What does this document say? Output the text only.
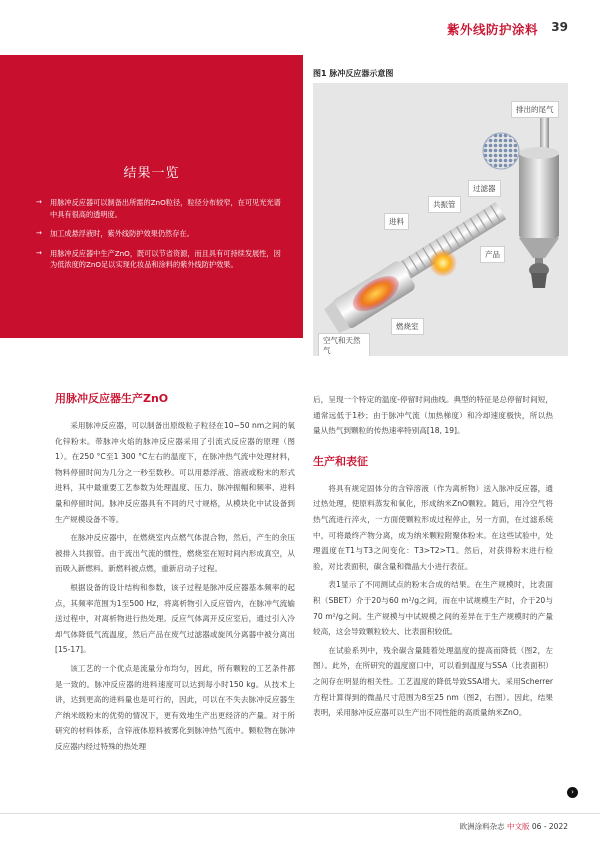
紫外线防护涂料 39
结果一览
→	用脉冲反应器可以制备出所需的ZnO粒径，粒径分布较窄，在可见光光谱中具有很高的透明度。
→	加工成悬浮液时，紫外线防护效果仍然存在。
→	用脉冲反应器中生产ZnO，既可以节省资源，而且具有可持续发展性，因为低浓度的ZnO足以实现化妆品和涂料的紫外线防护效果。
图1 脉冲反应器示意图
排出的尾气
过滤器
共振管
进料
产品
燃烧室
空气和天然气
用脉冲反应器生产ZnO

采用脉冲反应器，可以制备出原级粒子粒径在10~50 nm之间的氧化锌粉末。带脉冲火焰的脉冲反应器采用了引流式反应器的原理（图1）。在250 °C至1 300 °C左右的温度下，在脉冲热气流中处理材料，物料停留时间为几分之一秒至数秒。可以用悬浮液、溶液或粉末的形式进料，其中最重要工艺参数为处理温度、压力、脉冲振幅和频率、进料量和停留时间。脉冲反应器具有不同的尺寸规格，从模块化中试设备到生产规模设备不等。

在脉冲反应器中，在燃烧室内点燃气体混合物，然后，产生的余压被排入共振管。由于流出气流的惯性，燃烧室在短时间内形成真空，从而吸入新燃料。新燃料被点燃，重新启动子过程。

根据设备的设计结构和参数，该子过程是脉冲反应器基本频率的起点，其频率范围为1至500 Hz，将离析物引入反应管内，在脉冲气流输送过程中，对离析物进行热处理。反应气体离开反应室后，通过引入冷却气体降低气流温度，然后产品在废气过滤器或旋风分离器中被分离出[15-17]。

该工艺的一个优点是流量分布均匀，因此，所有颗粒的工艺条件都是一致的。脉冲反应器的进料速度可以达到每小时150 kg。从技术上讲，达到更高的进料量也是可行的，因此，可以在不失去脉冲反应器生产纳米级粉末的优势的情况下，更有效地生产出更经济的产量。对于所研究的材料体系，含锌液体原料被雾化到脉冲热气流中。颗粒物在脉冲反应器内经过特殊的热处理

后，呈现一个特定的温度-停留时间曲线。典型的特征是总停留时间短，通常远低于1秒；由于脉冲气流（加热梯度）和冷却速度极快，所以热量从热气到颗粒的传热速率特别高[18, 19]。

生产和表征

将具有规定固体分的含锌溶液（作为离析物）送入脉冲反应器，通过热处理，使原料蒸发和氧化，形成纳米ZnO颗粒。随后，用冷空气将热气流进行淬火，一方面使颗粒形成过程停止，另一方面，在过滤系统中，可将最终产物分离，成为纳米颗粒附聚体粉末。在这些试验中，处理温度在T1与T3之间变化：T3>T2>T1。然后，对获得粉末进行检验，对比表面积，碳含量和微晶大小进行表征。

表1显示了不同测试点的粉末合成的结果。在生产规模时，比表面积（SBET）介于20与60 m²/g之间，而在中试规模生产时，介于20与70 m²/g之间。生产规模与中试规模之间的差异在于生产规模时的产量较高，这会导致颗粒较大、比表面积较低。

在试验系列中，残余碳含量随着处理温度的提高而降低（图2，左图）。此外，在所研究的温度窗口中，可以看到温度与SSA（比表面积）之间存在明显的相关性。工艺温度的降低导致SSA增大。采用Scherrer方程计算得到的微晶尺寸范围为8至25 nm（图2，右图）。因此，结果表明，采用脉冲反应器可以生产出不同性能的高质量纳米ZnO。

›
欧洲涂料杂志 中文版 06 - 2022
